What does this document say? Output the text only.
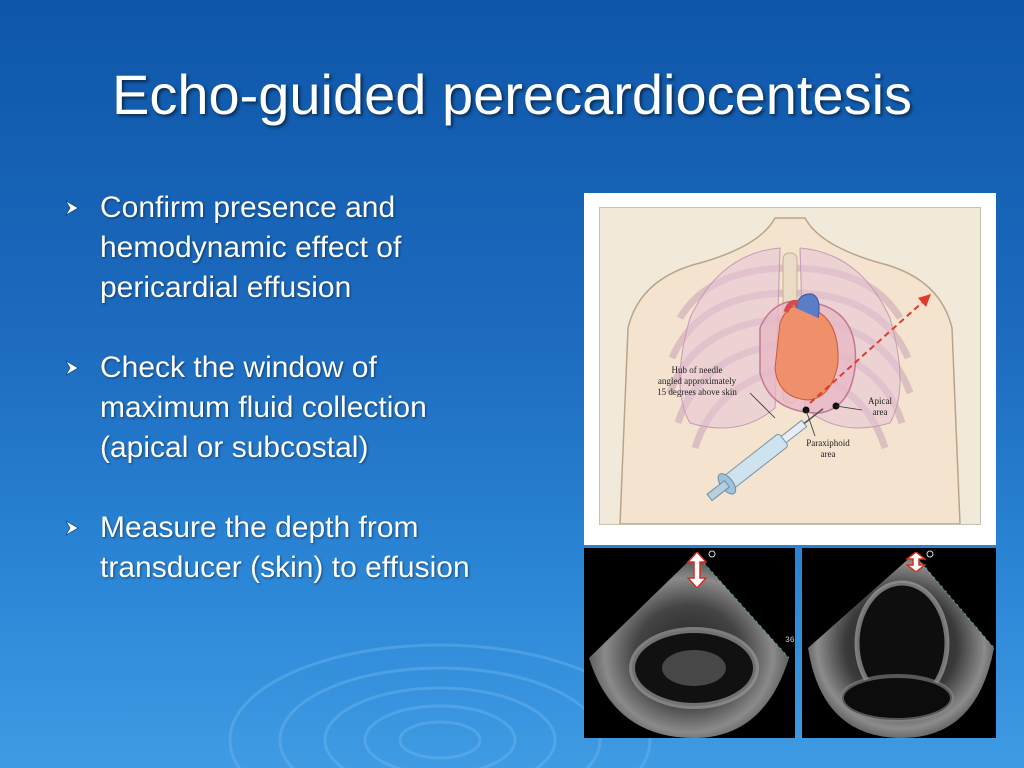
Echo-guided perecardiocentesis
Confirm presence and hemodynamic effect of pericardial effusion
Check the window of maximum fluid collection (apical or subcostal)
Measure the depth from transducer (skin) to effusion
Hub of needle
angled approximately
15 degrees above skin
Apical
area
Paraxiphoid
area
36
